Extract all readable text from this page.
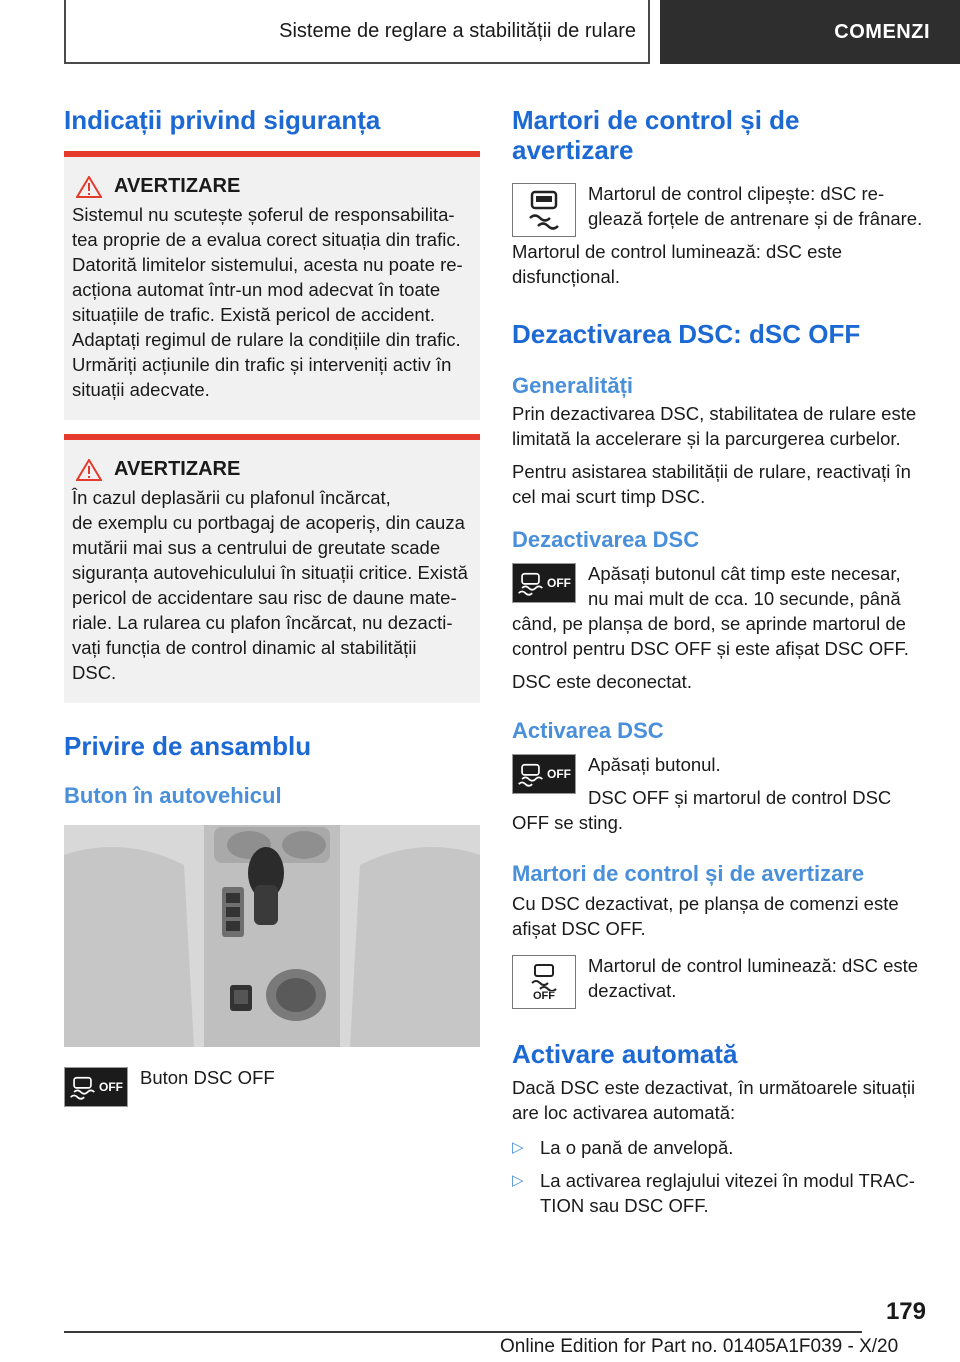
Sisteme de reglare a stabilității de rulare	COMENZI
Indicații privind siguranța
AVERTIZARE

Sistemul nu scutește șoferul de responsabilita-

tea proprie de a evalua corect situația din trafic.

Datorită limitelor sistemului, acesta nu poate re-

acționa automat într-un mod adecvat în toate

situațiile de trafic. Există pericol de accident.

Adaptați regimul de rulare la condițiile din trafic.

Urmăriți acțiunile din trafic și interveniți activ în

situații adecvate.

AVERTIZARE

În cazul deplasării cu plafonul încărcat,

de exemplu cu portbagaj de acoperiș, din cauza

mutării mai sus a centrului de greutate scade

siguranța autovehiculului în situații critice. Există

pericol de accidentare sau risc de daune mate-

riale. La rularea cu plafon încărcat, nu dezacti-

vați funcția de control dinamic al stabilității

DSC.

Privire de ansamblu
Buton în autovehicul
OFF Buton DSC OFF

Martori de control și de avertizare

Martorul de control clipește: dSC re-

glează forțele de antrenare și de frânare.

Martorul de control luminează: dSC este

disfuncțional.

Dezactivarea DSC: dSC OFF
Generalități

Prin dezactivarea DSC, stabilitatea de rulare este

limitată la accelerare și la parcurgerea curbelor.

Pentru asistarea stabilității de rulare, reactivați în

cel mai scurt timp DSC.

Dezactivarea DSC
OFF Apăsați butonul cât timp este necesar,

nu mai mult de cca. 10 secunde, până

când, pe planșa de bord, se aprinde martorul de

control pentru DSC OFF și este afișat DSC OFF.

DSC este deconectat.

Activarea DSC
OFF Apăsați butonul.

DSC OFF și martorul de control DSC

OFF se sting.

Martori de control și de avertizare

Cu DSC dezactivat, pe planșa de comenzi este

afișat DSC OFF.

OFF

Martorul de control luminează: dSC este

dezactivat.

Activare automată

Dacă DSC este dezactivat, în următoarele situații

are loc activarea automată:

▷ La o pană de anvelopă.
▷ La activarea reglajului vitezei în modul TRAC-
TION sau DSC OFF.
179
Online Edition for Part no. 01405A1F039 - X/20
